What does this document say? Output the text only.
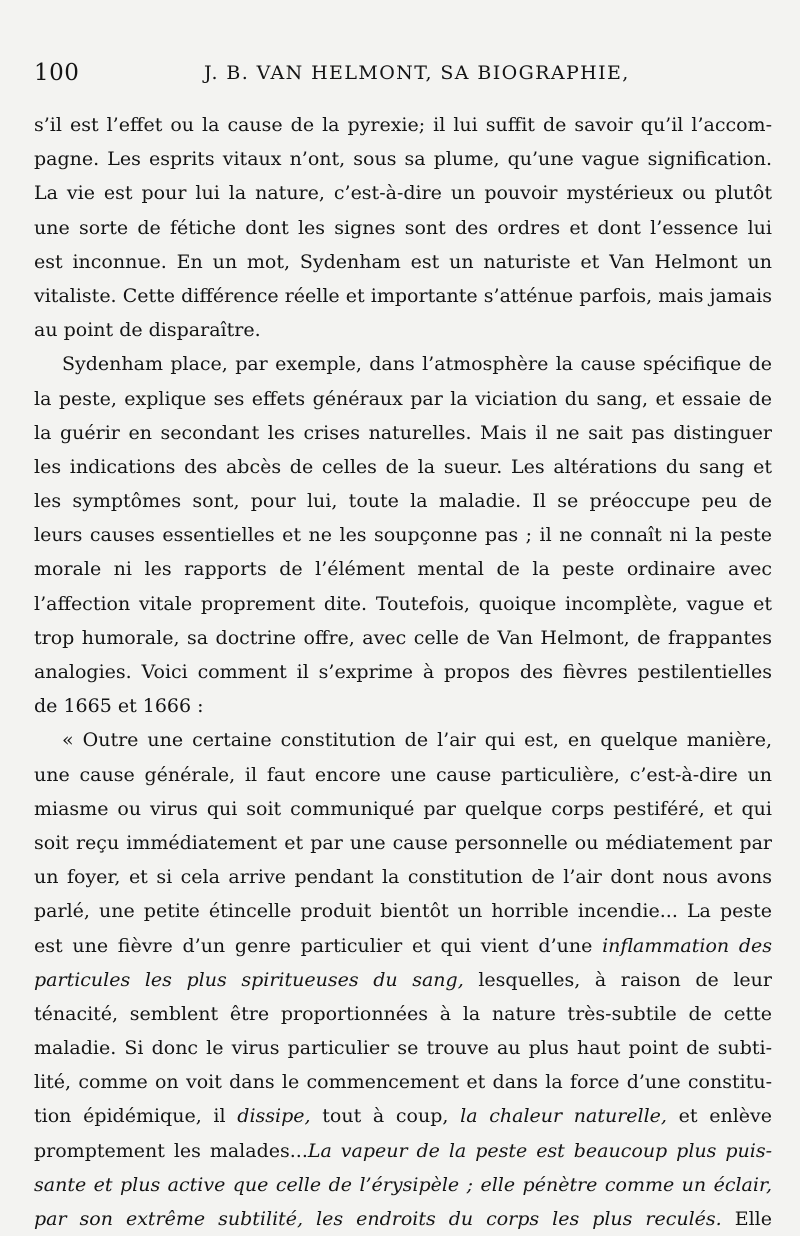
100	J. B. VAN HELMONT, SA BIOGRAPHIE,
s’il est l’effet ou la cause de la pyrexie; il lui suffit de savoir qu’il l’accom-
pagne. Les esprits vitaux n’ont, sous sa plume, qu’une vague signification.
La vie est pour lui la nature, c’est-à-dire un pouvoir mystérieux ou plutôt
une sorte de fétiche dont les signes sont des ordres et dont l’essence lui
est inconnue. En un mot, Sydenham est un naturiste et Van Helmont un
vitaliste. Cette différence réelle et importante s’atténue parfois, mais jamais
au point de disparaître.
Sydenham place, par exemple, dans l’atmosphère la cause spécifique de
la peste, explique ses effets généraux par la viciation du sang, et essaie de
la guérir en secondant les crises naturelles. Mais il ne sait pas distinguer
les indications des abcès de celles de la sueur. Les altérations du sang et
les symptômes sont, pour lui, toute la maladie. Il se préoccupe peu de
leurs causes essentielles et ne les soupçonne pas ; il ne connaît ni la peste
morale ni les rapports de l’élément mental de la peste ordinaire avec
l’affection vitale proprement dite. Toutefois, quoique incomplète, vague et
trop humorale, sa doctrine offre, avec celle de Van Helmont, de frappantes
analogies. Voici comment il s’exprime à propos des fièvres pestilentielles
de 1665 et 1666 :
« Outre une certaine constitution de l’air qui est, en quelque manière,
une cause générale, il faut encore une cause particulière, c’est-à-dire un
miasme ou virus qui soit communiqué par quelque corps pestiféré, et qui
soit reçu immédiatement et par une cause personnelle ou médiatement par
un foyer, et si cela arrive pendant la constitution de l’air dont nous avons
parlé, une petite étincelle produit bientôt un horrible incendie... La peste
est une fièvre d’un genre particulier et qui vient d’une inflammation des
particules les plus spiritueuses du sang, lesquelles, à raison de leur
ténacité, semblent être proportionnées à la nature très-subtile de cette
maladie. Si donc le virus particulier se trouve au plus haut point de subti-
lité, comme on voit dans le commencement et dans la force d’une constitu-
tion épidémique, il dissipe, tout à coup, la chaleur naturelle, et enlève
promptement les malades...La vapeur de la peste est beaucoup plus puis-
sante et plus active que celle de l’érysipèle ; elle pénètre comme un éclair,
par son extrême subtilité, les endroits du corps les plus reculés. Elle
